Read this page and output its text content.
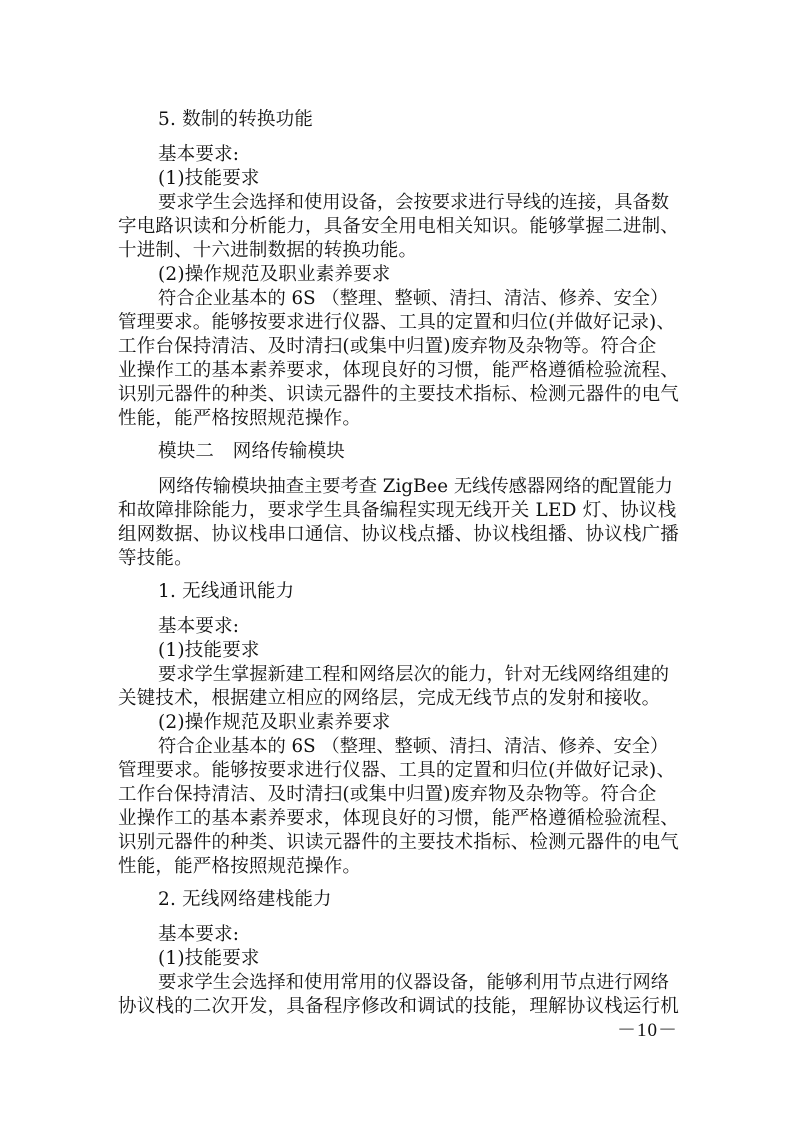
5. 数制的转换功能
基本要求:
(1)技能要求
要求学生会选择和使用设备，会按要求进行导线的连接，具备数
字电路识读和分析能力，具备安全用电相关知识。能够掌握二进制、
十进制、十六进制数据的转换功能。
(2)操作规范及职业素养要求
符合企业基本的 6S （整理、整顿、清扫、清洁、修养、安全）
管理要求。能够按要求进行仪器、工具的定置和归位(并做好记录)、
工作台保持清洁、及时清扫(或集中归置)废弃物及杂物等。符合企
业操作工的基本素养要求，体现良好的习惯，能严格遵循检验流程、
识别元器件的种类、识读元器件的主要技术指标、检测元器件的电气
性能，能严格按照规范操作。
模块二　网络传输模块
网络传输模块抽查主要考查 ZigBee 无线传感器网络的配置能力
和故障排除能力，要求学生具备编程实现无线开关 LED 灯、协议栈
组网数据、协议栈串口通信、协议栈点播、协议栈组播、协议栈广播
等技能。
1. 无线通讯能力
基本要求:
(1)技能要求
要求学生掌握新建工程和网络层次的能力，针对无线网络组建的
关键技术，根据建立相应的网络层，完成无线节点的发射和接收。
(2)操作规范及职业素养要求
符合企业基本的 6S （整理、整顿、清扫、清洁、修养、安全）
管理要求。能够按要求进行仪器、工具的定置和归位(并做好记录)、
工作台保持清洁、及时清扫(或集中归置)废弃物及杂物等。符合企
业操作工的基本素养要求，体现良好的习惯，能严格遵循检验流程、
识别元器件的种类、识读元器件的主要技术指标、检测元器件的电气
性能，能严格按照规范操作。
2. 无线网络建栈能力
基本要求:
(1)技能要求
要求学生会选择和使用常用的仪器设备，能够利用节点进行网络
协议栈的二次开发，具备程序修改和调试的技能，理解协议栈运行机
－10－
